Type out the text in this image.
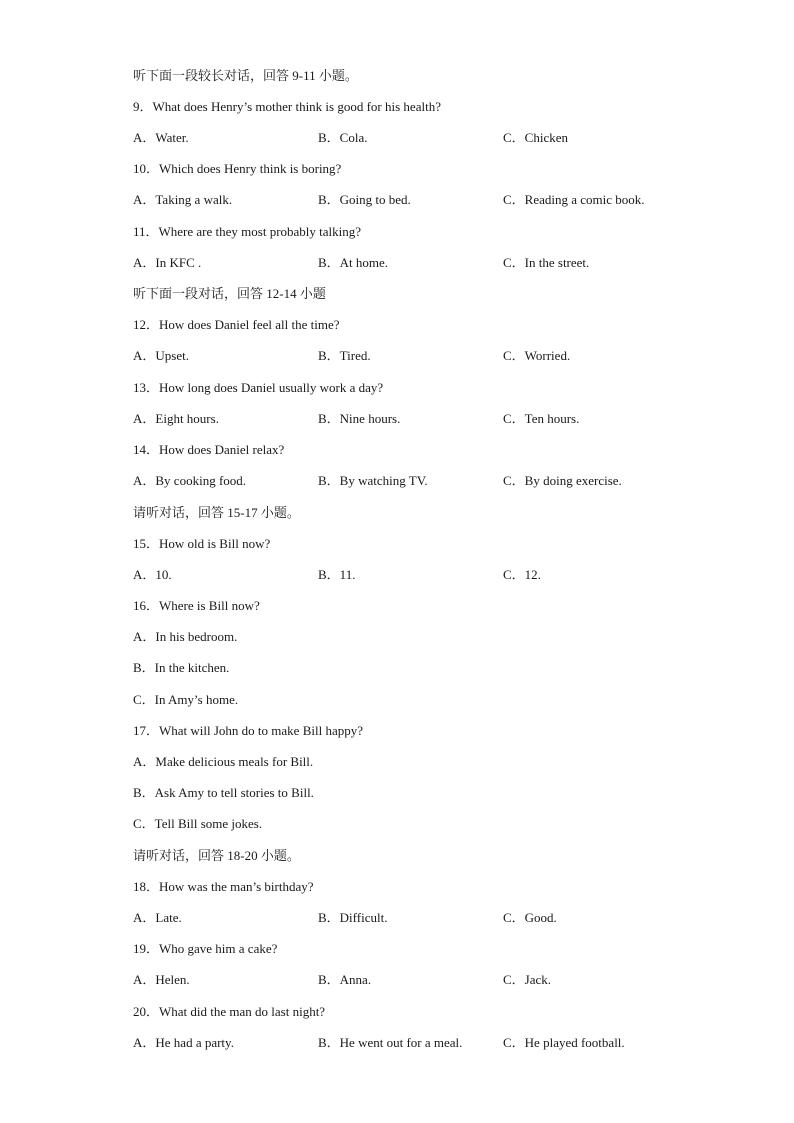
听下面一段较长对话，回答 9-11 小题。
9．What does Henry’s mother think is good for his health?
A．Water.	B．Cola.	C．Chicken
10．Which does Henry think is boring?
A．Taking a walk.	B．Going to bed.	C．Reading a comic book.
11．Where are they most probably talking?
A．In KFC .	B．At home.	C．In the street.
听下面一段对话，回答 12-14 小题
12．How does Daniel feel all the time?
A．Upset.	B．Tired.	C．Worried.
13．How long does Daniel usually work a day?
A．Eight hours.	B．Nine hours.	C．Ten hours.
14．How does Daniel relax?
A．By cooking food.	B．By watching TV.	C．By doing exercise.
请听对话，回答 15-17 小题。
15．How old is Bill now?
A．10.	B．11.	C．12.
16．Where is Bill now?
A．In his bedroom.
B．In the kitchen.
C．In Amy’s home.
17．What will John do to make Bill happy?
A．Make delicious meals for Bill.
B．Ask Amy to tell stories to Bill.
C．Tell Bill some jokes.
请听对话，回答 18-20 小题。
18．How was the man’s birthday?
A．Late.	B．Difficult.	C．Good.
19．Who gave him a cake?
A．Helen.	B．Anna.	C．Jack.
20．What did the man do last night?
A．He had a party.	B．He went out for a meal.	C．He played football.
